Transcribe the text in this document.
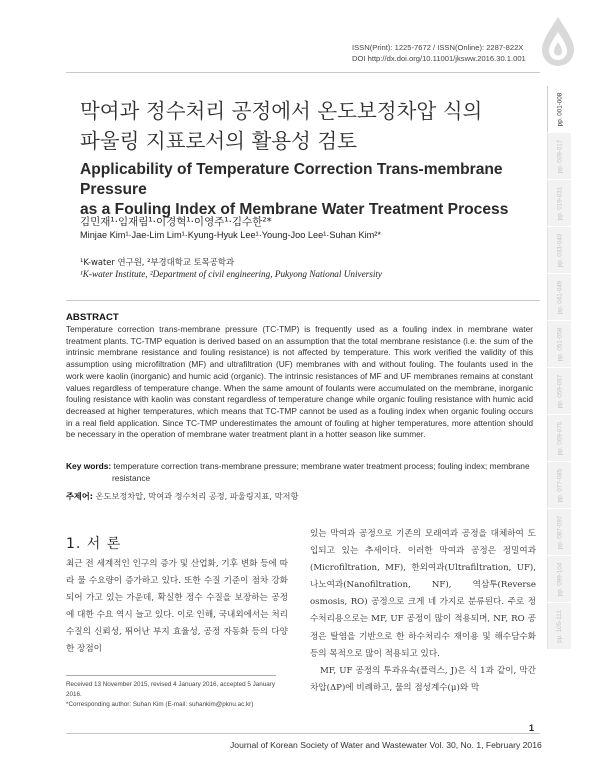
ISSN(Print): 1225-7672 / ISSN(Online): 2287-822X
DOI http://dx.doi.org/10.11001/jksww.2016.30.1.001
pp. 001-008
pp. 009-017
pp. 019-031
pp. 033-040
pp. 041-049
pp. 051-058
pp. 059-067
pp. 069-075
pp. 077-085
pp. 087-097
pp. 099-104
pp. 105-111
막여과 정수처리 공정에서 온도보정차압 식의
파울링 지표로서의 활용성 검토
Applicability of Temperature Correction Trans-membrane Pressure
as a Fouling Index of Membrane Water Treatment Process
김민재¹·임재림¹·이경혁¹·이영주¹·김수한²*
Minjae Kim¹·Jae-Lim Lim¹·Kyung-Hyuk Lee¹·Young-Joo Lee¹·Suhan Kim²*
¹K-water 연구원, ²부경대학교 토목공학과
¹K-water Institute, ²Department of civil engineering, Pukyong National University
ABSTRACT
Temperature correction trans-membrane pressure (TC-TMP) is frequently used as a fouling index in membrane water treatment plants. TC-TMP equation is derived based on an assumption that the total membrane resistance (i.e. the sum of the intrinsic membrane resistance and fouling resistance) is not affected by temperature. This work verified the validity of this assumption using microfiltration (MF) and ultrafiltration (UF) membranes with and without fouling. The foulants used in the work were kaolin (inorganic) and humic acid (organic). The intrinsic resistances of MF and UF membranes remains at constant values regardless of temperature change. When the same amount of foulants were accumulated on the membrane, inorganic fouling resistance with kaolin was constant regardless of temperature change while organic fouling resistance with humic acid decreased at higher temperatures, which means that TC-TMP cannot be used as a fouling index when organic fouling occurs in a real field application. Since TC-TMP underestimates the amount of fouling at higher temperatures, more attention should be necessary in the operation of membrane water treatment plant in a hotter season like summer.
Key words: temperature correction trans-membrane pressure; membrane water treatment process; fouling index; membrane resistance
주제어: 온도보정차압, 막여과 정수처리 공정, 파울링지표, 막저항
1. 서 론
최근 전 세계적인 인구의 증가 및 산업화, 기후 변화 등에 따라 물 수요량이 증가하고 있다. 또한 수질 기준이 점차 강화되어 가고 있는 가운데, 확실한 정수 수질을 보장하는 공정에 대한 수요 역시 늘고 있다. 이로 인해, 국내외에서는 처리수질의 신뢰성, 뛰어난 부지 효율성, 공정 자동화 등의 다양한 장점이
있는 막여과 공정으로 기존의 모래여과 공정을 대체하여 도입되고 있는 추세이다. 이러한 막여과 공정은 정밀여과(Microfiltration, MF), 한외여과(Ultrafiltration, UF), 나노여과(Nanofiltration, NF), 역삼투(Reverse osmosis, RO) 공정으로 크게 네 가지로 분류된다. 주로 정수처리용으로는 MF, UF 공정이 많이 적용되며, NF, RO 공정은 탈염을 기반으로 한 하수처리수 재이용 및 해수담수화 등의 목적으로 많이 적용되고 있다.
MF, UF 공정의 투과유속(플럭스, J)은 식 1과 같이, 막간 차압(ΔP)에 비례하고, 물의 점성계수(μ)와 막
Received 13 November 2015, revised 4 January 2016, accepted 5 January 2016.
*Corresponding author: Suhan Kim (E-mail: suhankim@pknu.ac.kr)
1
Journal of Korean Society of Water and Wastewater Vol. 30, No. 1, February 2016
